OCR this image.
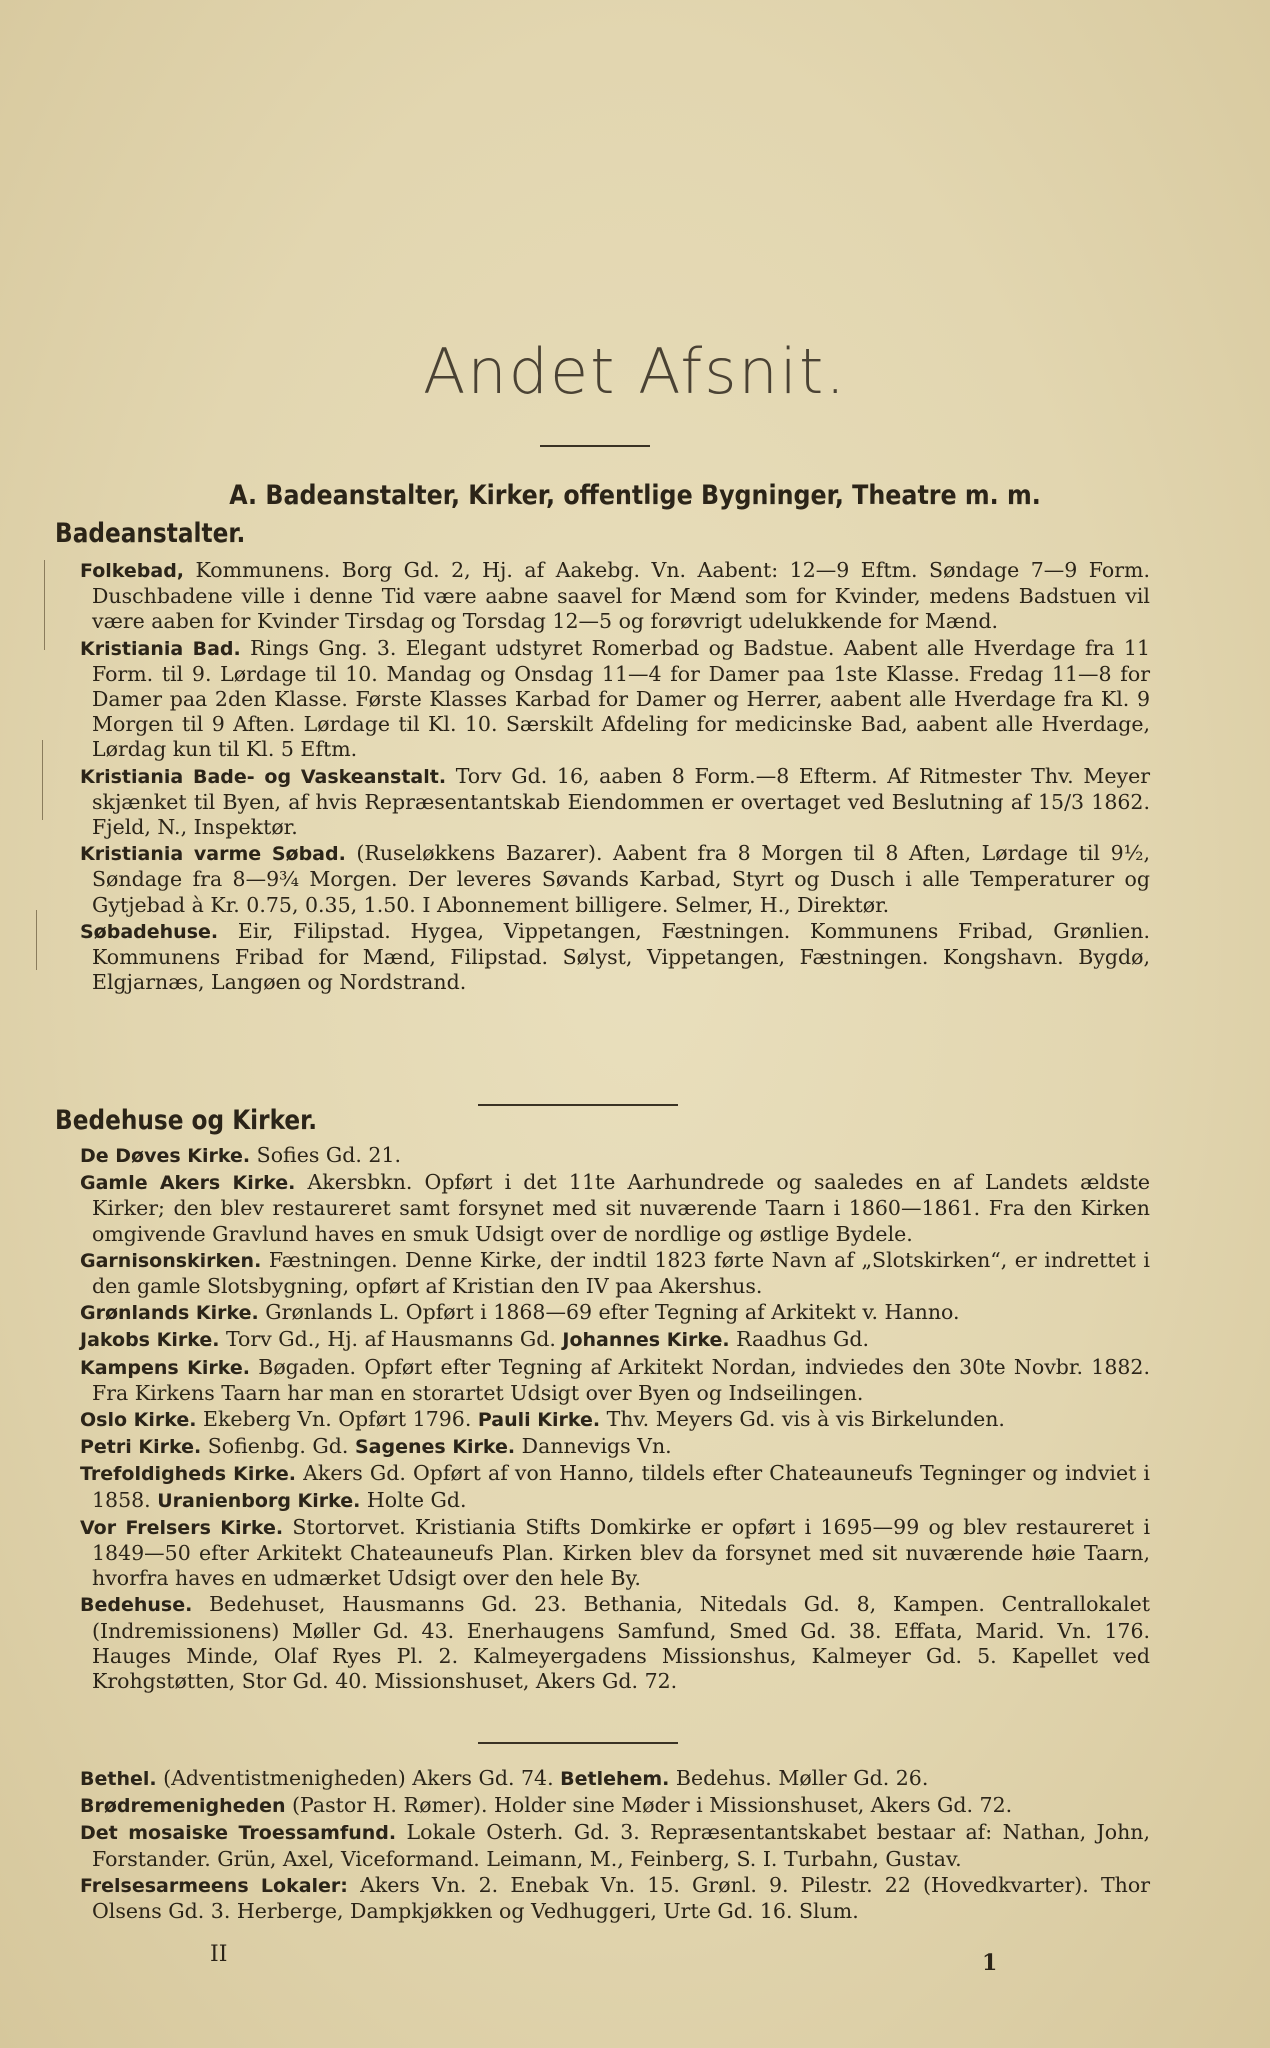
Andet Afsnit.
A. Badeanstalter, Kirker, offentlige Bygninger, Theatre m. m.
Badeanstalter.

Folkebad, Kommunens. Borg Gd. 2, Hj. af Aakebg. Vn. Aabent: 12—9 Eftm. Søndage 7—9 Form. Duschbadene ville i denne Tid være aabne saavel for Mænd som for Kvinder, medens Badstuen vil være aaben for Kvinder Tirsdag og Torsdag 12—5 og forøvrigt udelukkende for Mænd.

Kristiania Bad. Rings Gng. 3. Elegant udstyret Romerbad og Badstue. Aabent alle Hverdage fra 11 Form. til 9. Lørdage til 10. Mandag og Onsdag 11—4 for Damer paa 1ste Klasse. Fredag 11—8 for Damer paa 2den Klasse. Første Klasses Karbad for Damer og Herrer, aabent alle Hverdage fra Kl. 9 Morgen til 9 Aften. Lørdage til Kl. 10. Særskilt Afdeling for medicinske Bad, aabent alle Hverdage, Lørdag kun til Kl. 5 Eftm.

Kristiania Bade- og Vaskeanstalt. Torv Gd. 16, aaben 8 Form.—8 Efterm. Af Ritmester Thv. Meyer skjænket til Byen, af hvis Repræsentantskab Eiendommen er overtaget ved Beslutning af 15/3 1862. Fjeld, N., Inspektør.

Kristiania varme Søbad. (Ruseløkkens Bazarer). Aabent fra 8 Morgen til 8 Aften, Lørdage til 9½, Søndage fra 8—9¾ Morgen. Der leveres Søvands Karbad, Styrt og Dusch i alle Temperaturer og Gytjebad à Kr. 0.75, 0.35, 1.50. I Abonnement billigere. Selmer, H., Direktør.

Søbadehuse. Eir, Filipstad. Hygea, Vippetangen, Fæstningen. Kommunens Fribad, Grønlien. Kommunens Fribad for Mænd, Filipstad. Sølyst, Vippetangen, Fæstningen. Kongshavn. Bygdø, Elgjarnæs, Langøen og Nordstrand.

Bedehuse og Kirker.

De Døves Kirke. Sofies Gd. 21.

Gamle Akers Kirke. Akersbkn. Opført i det 11te Aarhundrede og saaledes en af Landets ældste Kirker; den blev restaureret samt forsynet med sit nuværende Taarn i 1860—1861. Fra den Kirken omgivende Gravlund haves en smuk Udsigt over de nordlige og østlige Bydele.

Garnisonskirken. Fæstningen. Denne Kirke, der indtil 1823 førte Navn af „Slotskirken“, er indrettet i den gamle Slotsbygning, opført af Kristian den IV paa Akershus.

Grønlands Kirke. Grønlands L. Opført i 1868—69 efter Tegning af Arkitekt v. Hanno.

Jakobs Kirke. Torv Gd., Hj. af Hausmanns Gd. Johannes Kirke. Raadhus Gd.

Kampens Kirke. Bøgaden. Opført efter Tegning af Arkitekt Nordan, indviedes den 30te Novbr. 1882. Fra Kirkens Taarn har man en storartet Udsigt over Byen og Indseilingen.

Oslo Kirke. Ekeberg Vn. Opført 1796. Pauli Kirke. Thv. Meyers Gd. vis à vis Birkelunden.

Petri Kirke. Sofienbg. Gd. Sagenes Kirke. Dannevigs Vn.

Trefoldigheds Kirke. Akers Gd. Opført af von Hanno, tildels efter Chateauneufs Tegninger og indviet i 1858. Uranienborg Kirke. Holte Gd.

Vor Frelsers Kirke. Stortorvet. Kristiania Stifts Domkirke er opført i 1695—99 og blev restaureret i 1849—50 efter Arkitekt Chateauneufs Plan. Kirken blev da forsynet med sit nuværende høie Taarn, hvorfra haves en udmærket Udsigt over den hele By.

Bedehuse. Bedehuset, Hausmanns Gd. 23. Bethania, Nitedals Gd. 8, Kampen. Centrallokalet (Indremissionens) Møller Gd. 43. Enerhaugens Samfund, Smed Gd. 38. Effata, Marid. Vn. 176. Hauges Minde, Olaf Ryes Pl. 2. Kalmeyergadens Missionshus, Kalmeyer Gd. 5. Kapellet ved Krohgstøtten, Stor Gd. 40. Missionshuset, Akers Gd. 72.

Bethel. (Adventistmenigheden) Akers Gd. 74. Betlehem. Bedehus. Møller Gd. 26.

Brødremenigheden (Pastor H. Rømer). Holder sine Møder i Missionshuset, Akers Gd. 72.

Det mosaiske Troessamfund. Lokale Osterh. Gd. 3. Repræsentantskabet bestaar af: Nathan, John, Forstander. Grün, Axel, Viceformand. Leimann, M., Feinberg, S. I. Turbahn, Gustav.

Frelsesarmeens Lokaler: Akers Vn. 2. Enebak Vn. 15. Grønl. 9. Pilestr. 22 (Hovedkvarter). Thor Olsens Gd. 3. Herberge, Dampkjøkken og Vedhuggeri, Urte Gd. 16. Slum.

II	1
